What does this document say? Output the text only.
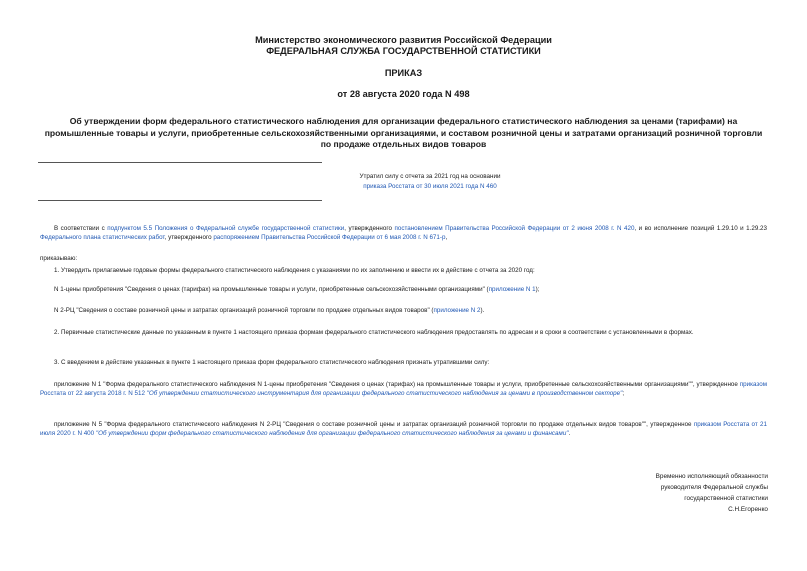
Министерство экономического развития Российской Федерации
ФЕДЕРАЛЬНАЯ СЛУЖБА ГОСУДАРСТВЕННОЙ СТАТИСТИКИ
ПРИКАЗ
от 28 августа 2020 года N 498
Об утверждении форм федерального статистического наблюдения для организации федерального статистического наблюдения за ценами (тарифами) на промышленные товары и услуги, приобретенные сельскохозяйственными организациями, и составом розничной цены и затратами организаций розничной торговли по продаже отдельных видов товаров
Утратил силу с отчета за 2021 год на основании
приказа Росстата от 30 июля 2021 года N 460
В соответствии с подпунктом 5.5 Положения о Федеральной службе государственной статистики, утвержденного постановлением Правительства Российской Федерации от 2 июня 2008 г. N 420, и во исполнение позиций 1.29.10 и 1.29.23 Федерального плана статистических работ, утвержденного распоряжением Правительства Российской Федерации от 6 мая 2008 г. N 671-р,
приказываю:
1. Утвердить прилагаемые годовые формы федерального статистического наблюдения с указаниями по их заполнению и ввести их в действие с отчета за 2020 год:
N 1-цены приобретения "Сведения о ценах (тарифах) на промышленные товары и услуги, приобретенные сельскохозяйственными организациями" (приложение N 1);
N 2-РЦ "Сведения о составе розничной цены и затратах организаций розничной торговли по продаже отдельных видов товаров" (приложение N 2).
2. Первичные статистические данные по указанным в пункте 1 настоящего приказа формам федерального статистического наблюдения предоставлять по адресам и в сроки в соответствии с установленными в формах.
3. С введением в действие указанных в пункте 1 настоящего приказа форм федерального статистического наблюдения признать утратившими силу:
приложение N 1 "Форма федерального статистического наблюдения N 1-цены приобретения "Сведения о ценах (тарифах) на промышленные товары и услуги, приобретенные сельскохозяйственными организациями"", утвержденное приказом Росстата от 22 августа 2018 г. N 512 "Об утверждении статистического инструментария для организации федерального статистического наблюдения за ценами в производственном секторе";
приложение N 5 "Форма федерального статистического наблюдения N 2-РЦ "Сведения о составе розничной цены и затратах организаций розничной торговли по продаже отдельных видов товаров"", утвержденное приказом Росстата от 21 июля 2020 г. N 400 "Об утверждении форм федерального статистического наблюдения для организации федерального статистического наблюдения за ценами и финансами".
Временно исполняющий обязанности
руководителя Федеральной службы
государственной статистики
С.Н.Егоренко
